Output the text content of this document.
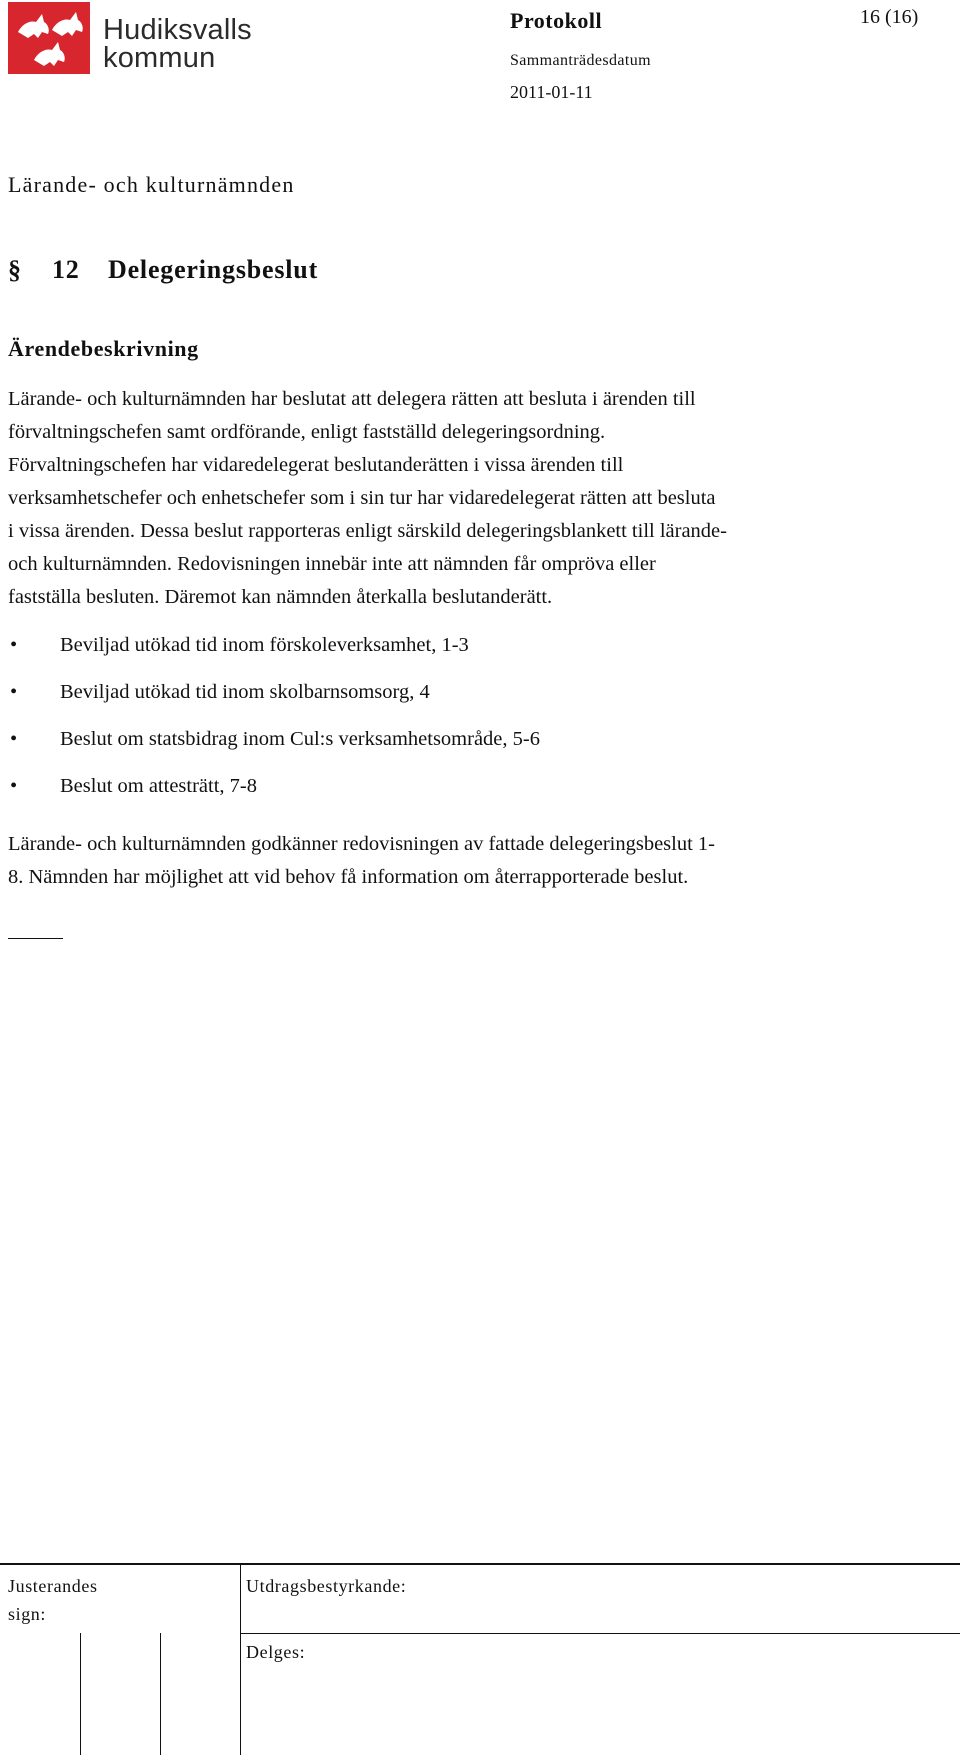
Hudiksvalls
kommun
Protokoll	16 (16)
Sammanträdesdatum
2011-01-11
Lärande- och kulturnämnden
§ 12 Delegeringsbeslut
Ärendebeskrivning
Lärande- och kulturnämnden har beslutat att delegera rätten att besluta i ärenden till
förvaltningschefen samt ordförande, enligt fastställd delegeringsordning.
Förvaltningschefen har vidaredelegerat beslutanderätten i vissa ärenden till
verksamhetschefer och enhetschefer som i sin tur har vidaredelegerat rätten att besluta
i vissa ärenden. Dessa beslut rapporteras enligt särskild delegeringsblankett till lärande-
och kulturnämnden. Redovisningen innebär inte att nämnden får ompröva eller
fastställa besluten. Däremot kan nämnden återkalla beslutanderätt.
• Beviljad utökad tid inom förskoleverksamhet, 1-3
• Beviljad utökad tid inom skolbarnsomsorg, 4
• Beslut om statsbidrag inom Cul:s verksamhetsområde, 5-6
• Beslut om attesträtt, 7-8
Lärande- och kulturnämnden godkänner redovisningen av fattade delegeringsbeslut 1-
8. Nämnden har möjlighet att vid behov få information om återrapporterade beslut.
Justerandes
sign:
Utdragsbestyrkande:
Delges:
